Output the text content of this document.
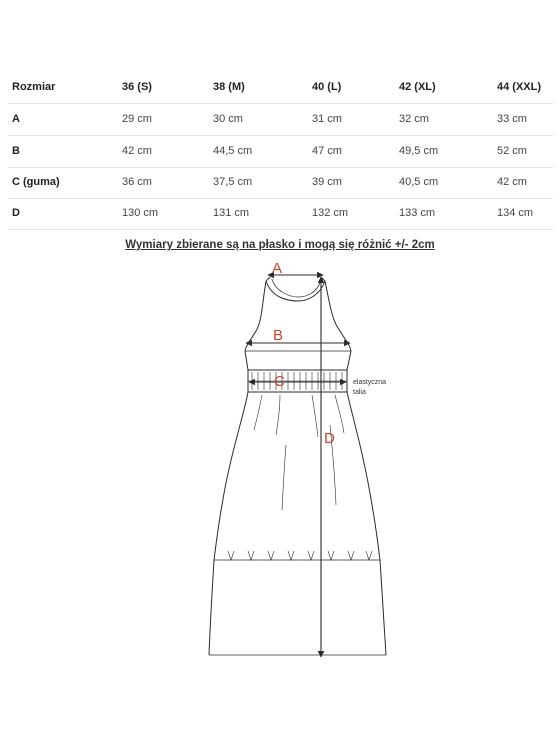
Rozmiar	36 (S)	38 (M)	40 (L)	42 (XL)	44 (XXL)
A	29 cm	30 cm	31 cm	32 cm	33 cm
B	42 cm	44,5 cm	47 cm	49,5 cm	52 cm
C (guma)	36 cm	37,5 cm	39 cm	40,5 cm	42 cm
D	130 cm	131 cm	132 cm	133 cm	134 cm
Wymiary zbierane są na płasko i mogą się różnić +/- 2cm
A
B
C
D
elastyczna
talia
